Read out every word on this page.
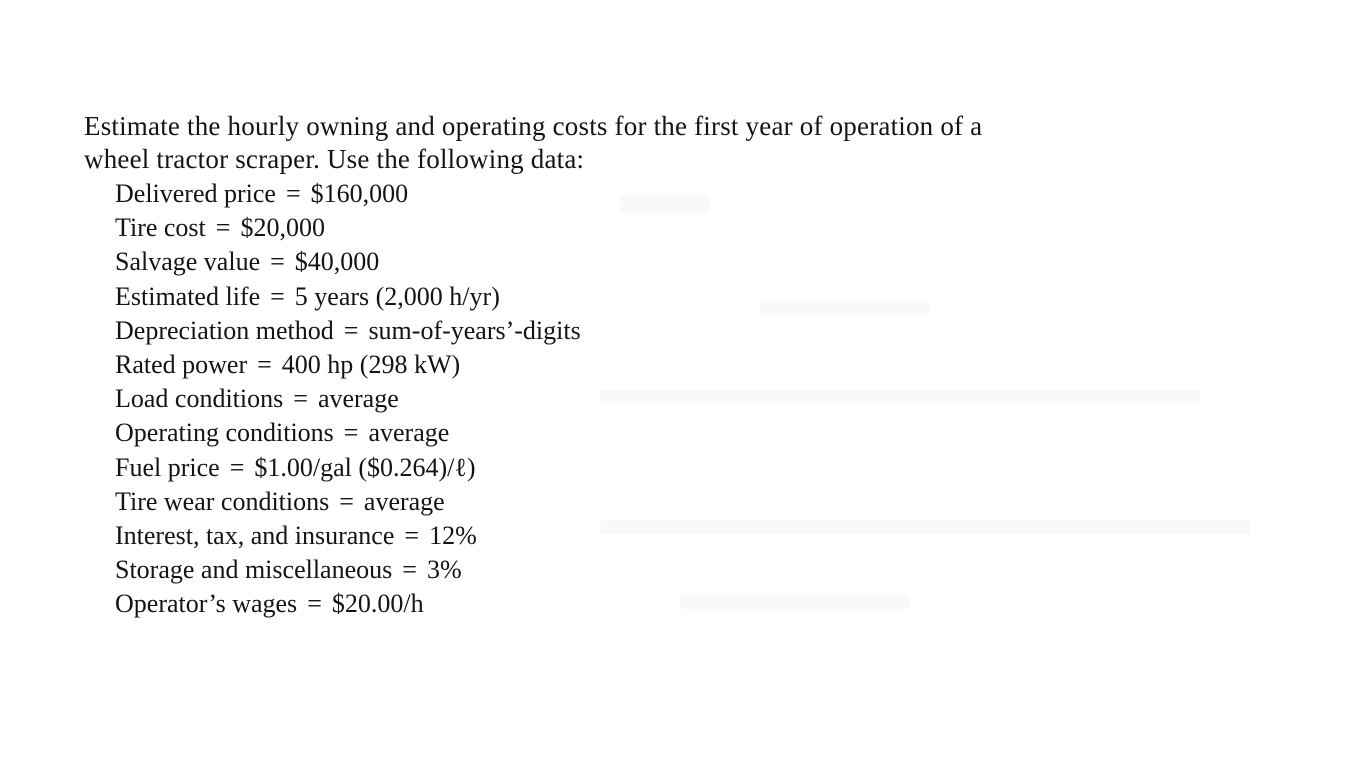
Estimate the hourly owning and operating costs for the first year of operation of a
wheel tractor scraper. Use the following data:

Delivered price = $160,000
Tire cost = $20,000
Salvage value = $40,000
Estimated life = 5 years (2,000 h/yr)
Depreciation method = sum-of-years’-digits
Rated power = 400 hp (298 kW)
Load conditions = average
Operating conditions = average
Fuel price = $1.00/gal ($0.264)/ℓ)
Tire wear conditions = average
Interest, tax, and insurance = 12%
Storage and miscellaneous = 3%
Operator’s wages = $20.00/h
